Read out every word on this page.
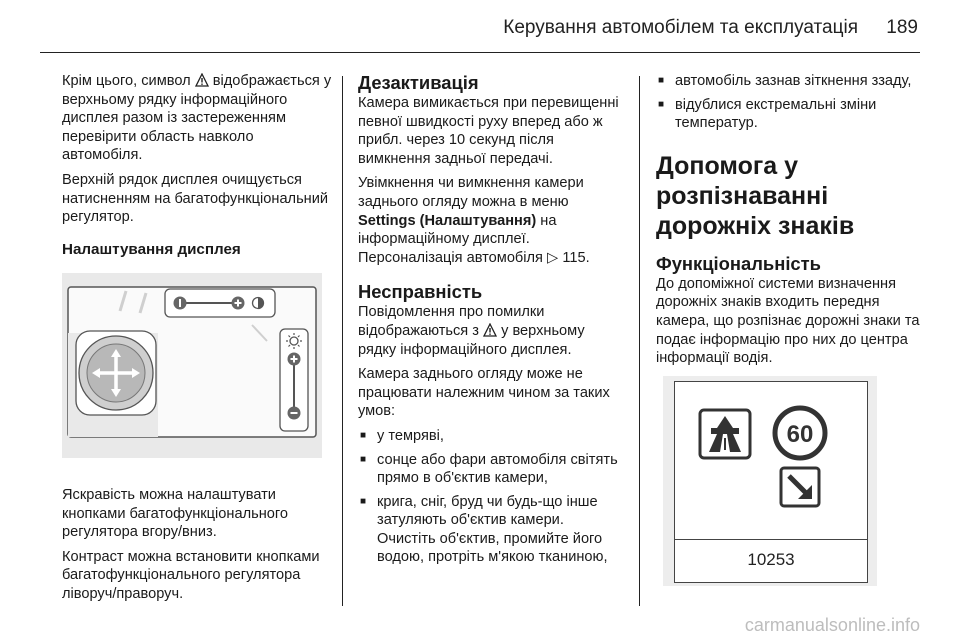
Керування автомобілем та експлуатація 189

Крім цього, символ відображається у верхньому рядку інформаційного дисплея разом із застереженням перевірити область навколо автомобіля.

Верхній рядок дисплея очищується натисненням на багатофункціональний регулятор.

Налаштування дисплея

Яскравість можна налаштувати кнопками багатофункціонального регулятора вгору/вниз.

Контраст можна встановити кнопками багатофункціонального регулятора ліворуч/праворуч.

Дезактивація

Камера вимикається при перевищенні певної швидкості руху вперед або ж прибл. через 10 секунд після вимкнення задньої передачі.

Увімкнення чи вимкнення камери заднього огляду можна в меню Settings (Налаштування) на інформаційному дисплеї. Персоналізація автомобіля ▷ 115.

Несправність

Повідомлення про помилки відображаються з у верхньому рядку інформаційного дисплея.

Камера заднього огляду може не працювати належним чином за таких умов:

■ у темряві,
■ сонце або фари автомобіля світять прямо в об'єктив камери,
■ крига, сніг, бруд чи будь-що інше затуляють об'єктив камери. Очистіть об'єктив, промийте його водою, протріть м'якою тканиною,
■ автомобіль зазнав зіткнення ззаду,
■ відублися екстремальні зміни температур.
Допомога у розпізнаванні дорожніх знаків
Функціональність

До допоміжної системи визначення дорожніх знаків входить передня камера, що розпізнає дорожні знаки та подає інформацію про них до центра інформації водія.

60
10253
carmanualsonline.info
